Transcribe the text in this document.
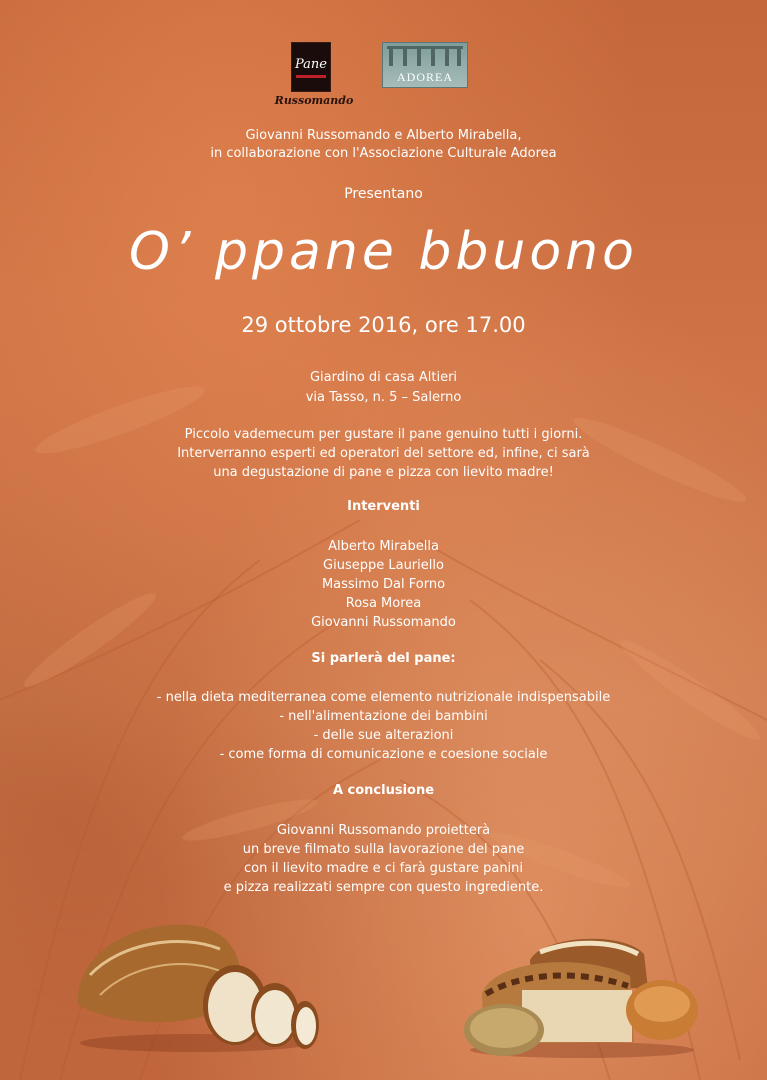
Pane
Russomando
ADOREA
Giovanni Russomando e Alberto Mirabella,
in collaborazione con l'Associazione Culturale Adorea
Presentano
O’ ppane bbuono
29 ottobre 2016, ore 17.00
Giardino di casa Altieri
via Tasso, n. 5 – Salerno
Piccolo vademecum per gustare il pane genuino tutti i giorni.
Interverranno esperti ed operatori del settore ed, infine, ci sarà
una degustazione di pane e pizza con lievito madre!
Interventi
Alberto Mirabella
Giuseppe Lauriello
Massimo Dal Forno
Rosa Morea
Giovanni Russomando
Si parlerà del pane:
- nella dieta mediterranea come elemento nutrizionale indispensabile
- nell'alimentazione dei bambini
- delle sue alterazioni
- come forma di comunicazione e coesione sociale
A conclusione
Giovanni Russomando proietterà
un breve filmato sulla lavorazione del pane
con il lievito madre e ci farà gustare panini
e pizza realizzati sempre con questo ingrediente.
